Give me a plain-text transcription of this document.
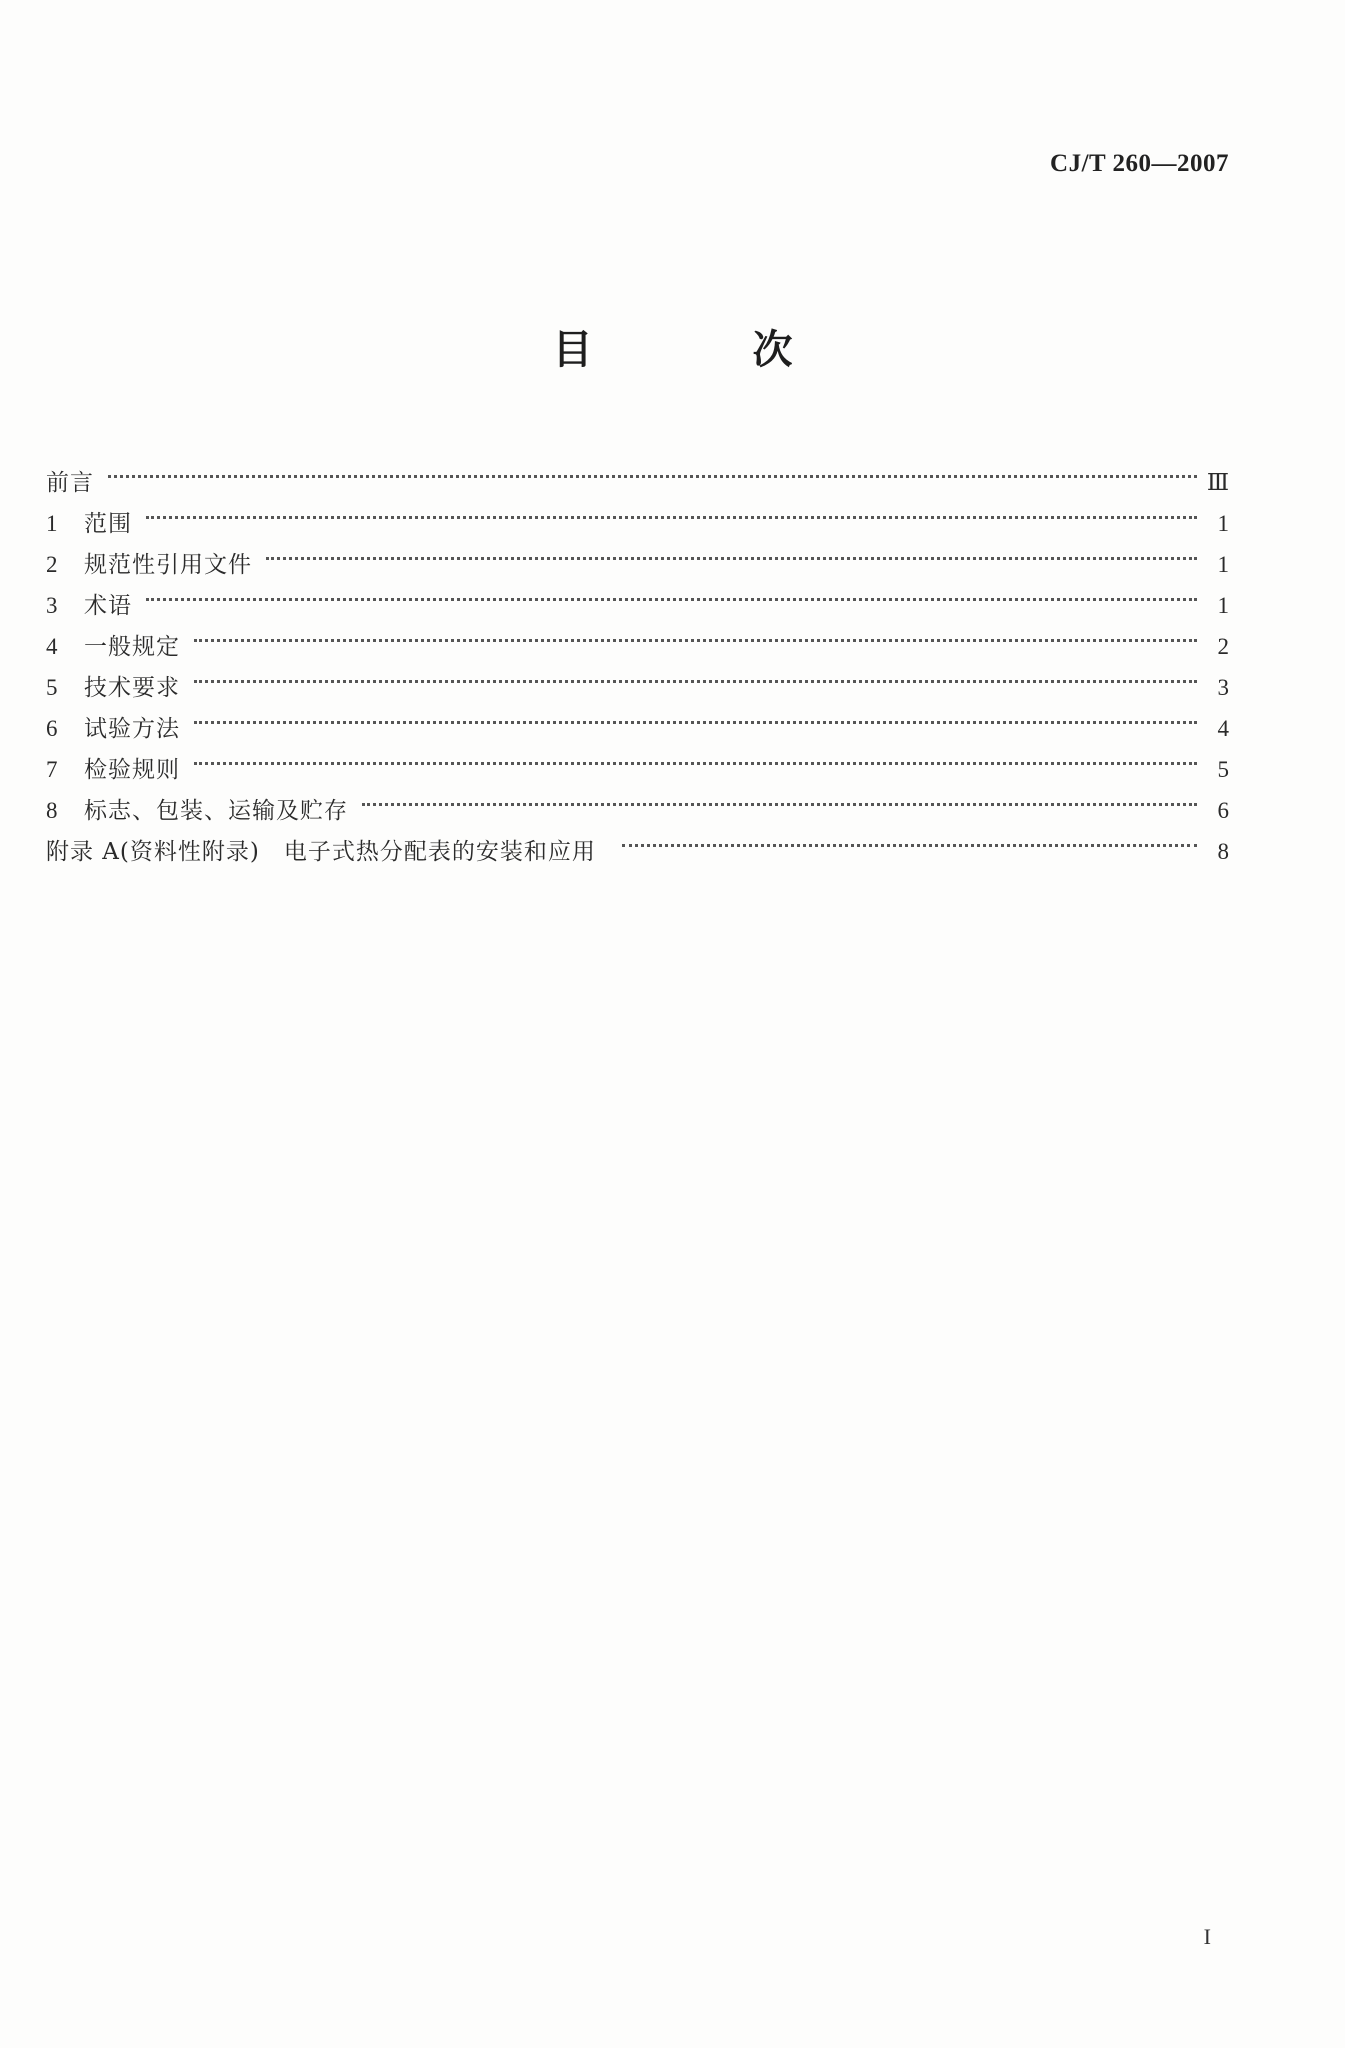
CJ/T 260—2007
目　次
前言	Ⅲ
1	范围	1
2	规范性引用文件	1
3	术语	1
4	一般规定	2
5	技术要求	3
6	试验方法	4
7	检验规则	5
8	标志、包装、运输及贮存	6
附录 A(资料性附录)　电子式热分配表的安装和应用	8
I
